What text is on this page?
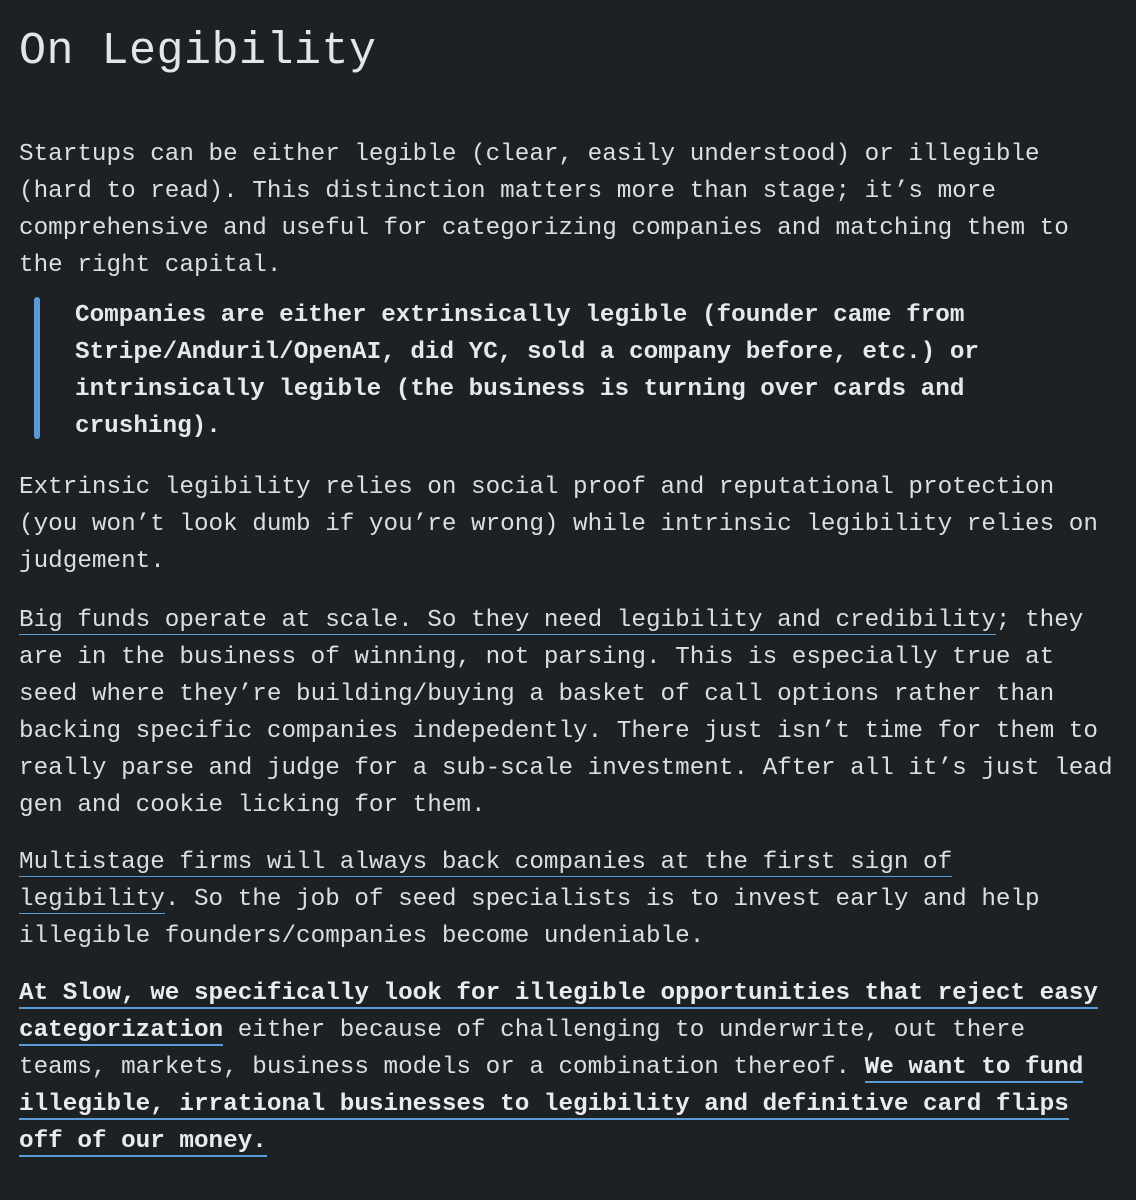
On Legibility

Startups can be either legible (clear, easily understood) or illegible (hard to read). This distinction matters more than stage; it’s more comprehensive and useful for categorizing companies and matching them to the right capital.

Companies are either extrinsically legible (founder came from Stripe/Anduril/OpenAI, did YC, sold a company before, etc.) or intrinsically legible (the business is turning over cards and crushing).

Extrinsic legibility relies on social proof and reputational protection (you won’t look dumb if you’re wrong) while intrinsic legibility relies on judgement.

Big funds operate at scale. So they need legibility and credibility; they are in the business of winning, not parsing. This is especially true at seed where they’re building/buying a basket of call options rather than backing specific companies indepedently. There just isn’t time for them to really parse and judge for a sub-scale investment. After all it’s just lead gen and cookie licking for them.

Multistage firms will always back companies at the first sign of legibility. So the job of seed specialists is to invest early and help illegible founders/companies become undeniable.

At Slow, we specifically look for illegible opportunities that reject easy categorization either because of challenging to underwrite, out there teams, markets, business models or a combination thereof. We want to fund illegible, irrational businesses to legibility and definitive card flips off of our money.
